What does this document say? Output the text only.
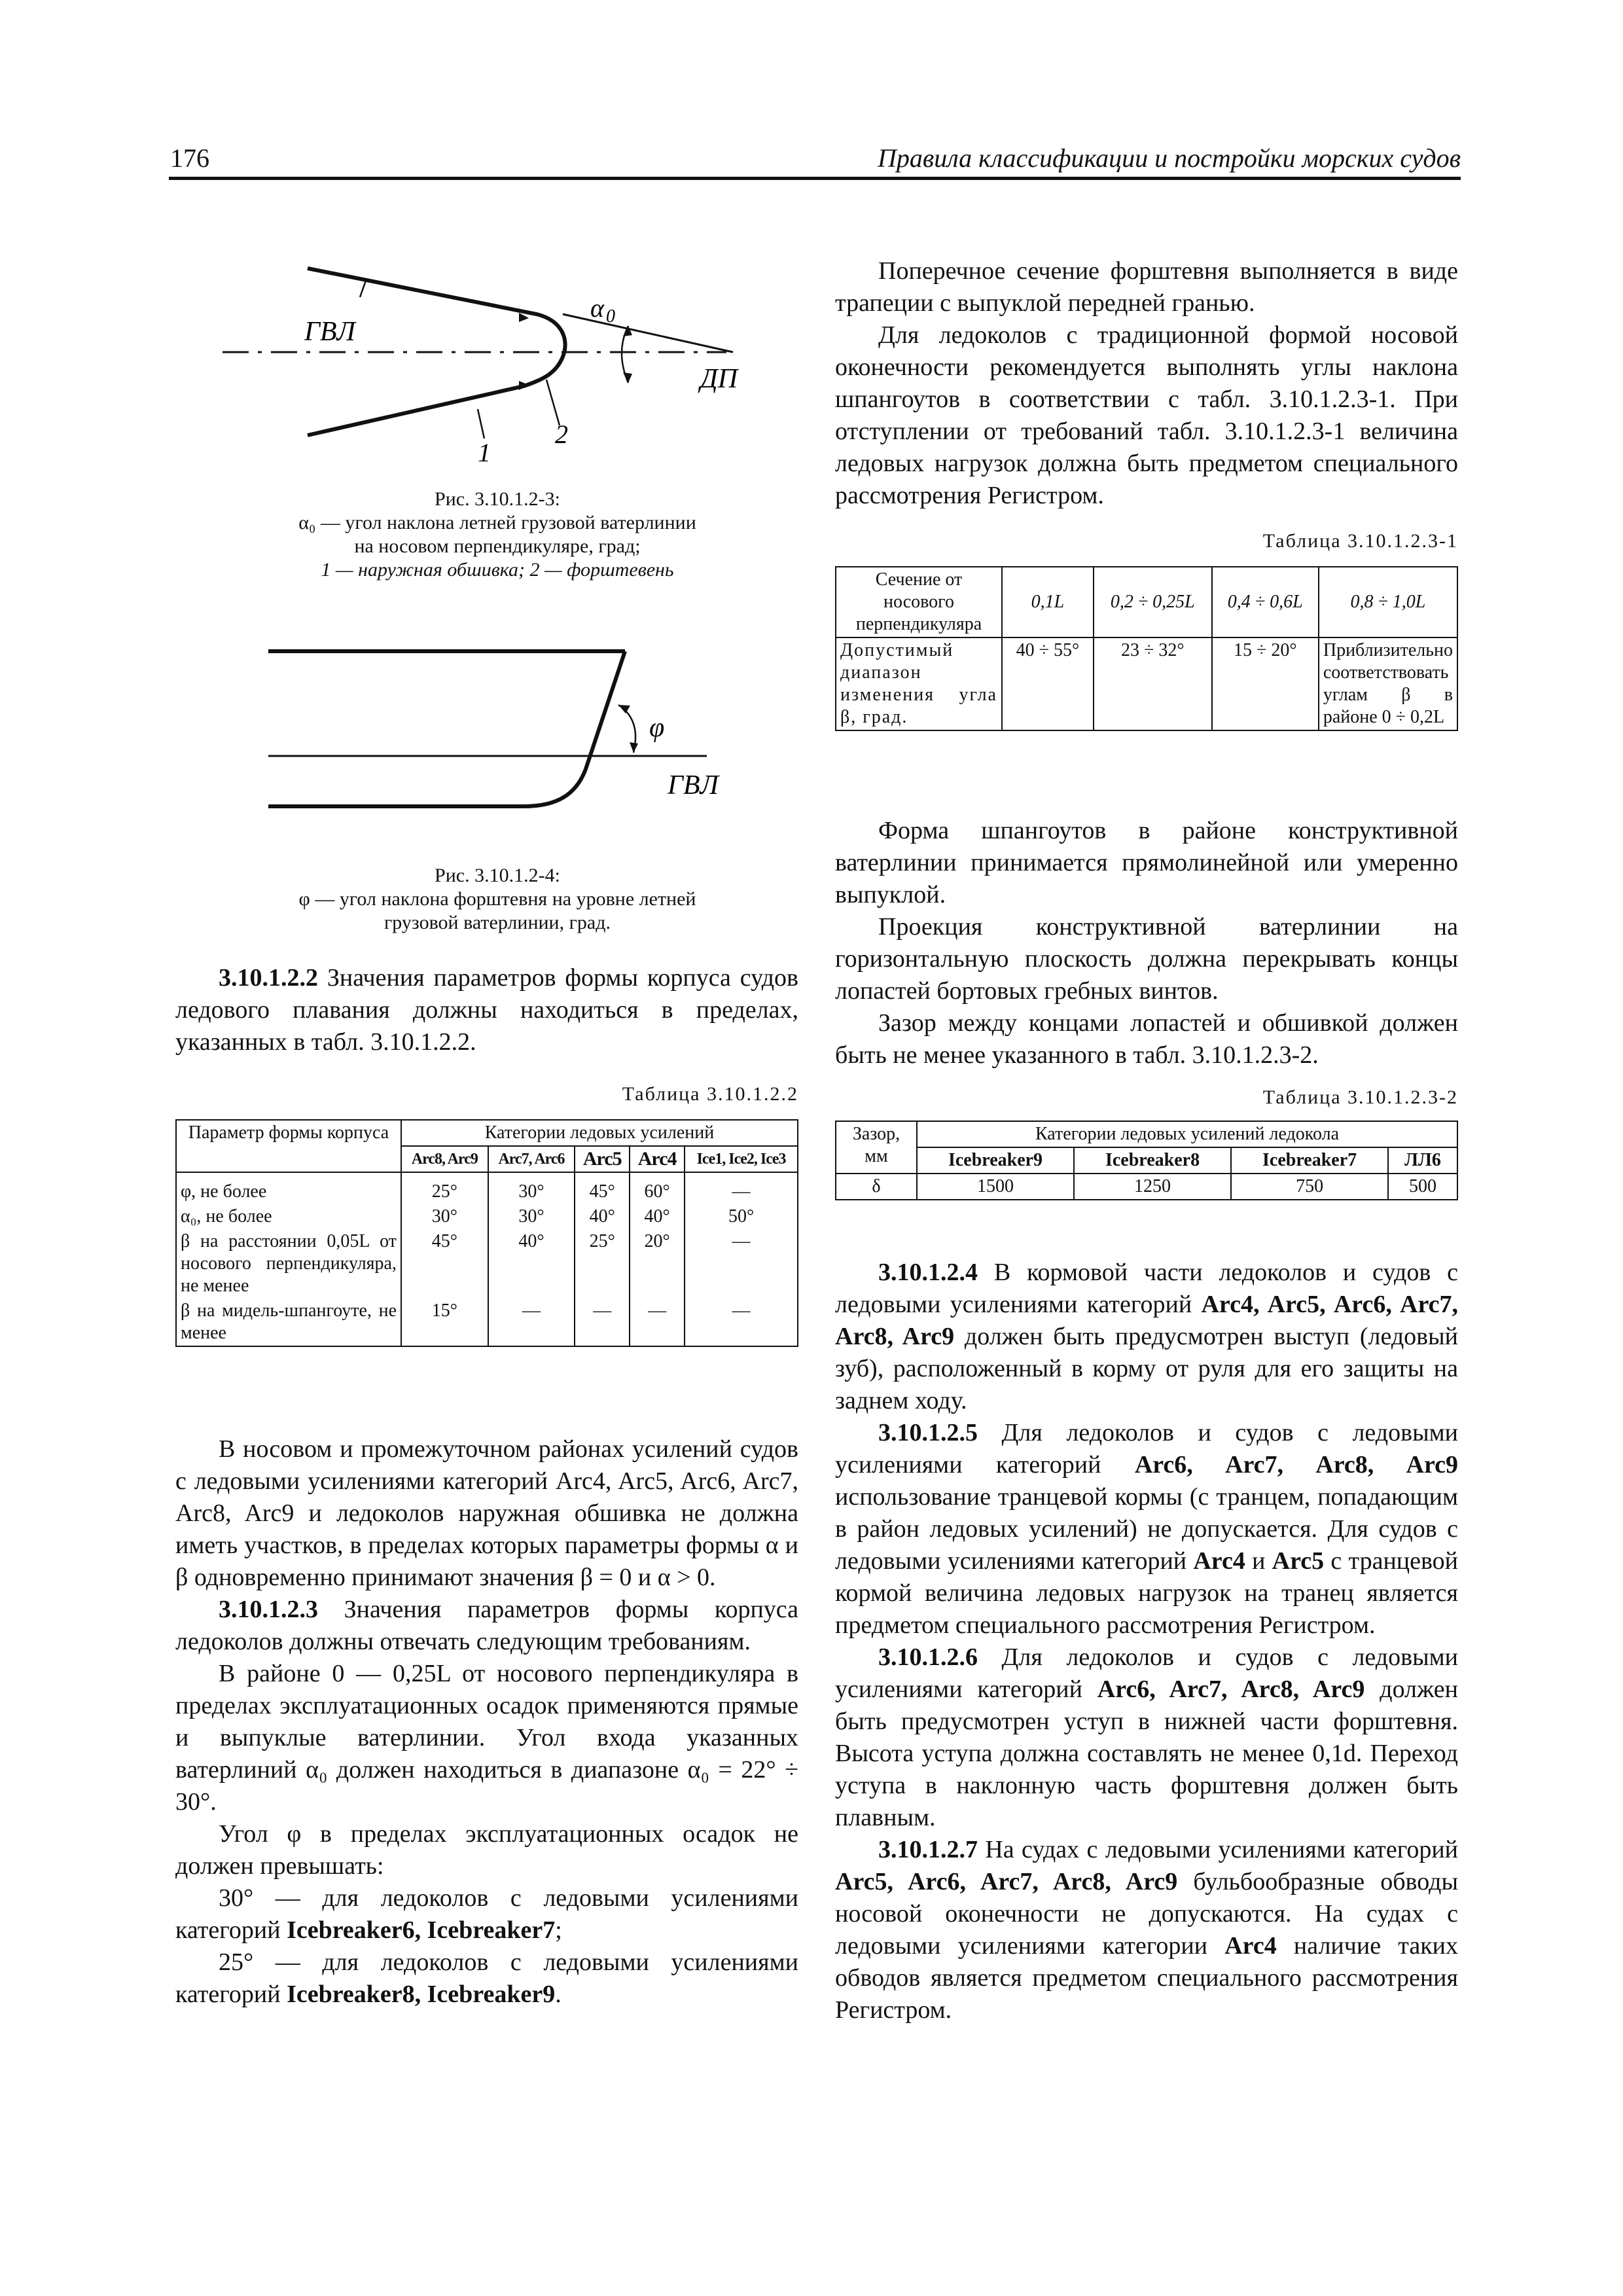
176	Правила классификации и постройки морских судов
ГВЛ
ДП
α 0
2
1
Рис. 3.10.1.2-3:
α₀ — угол наклона летней грузовой ватерлинии
на носовом перпендикуляре, град;
1 — наружная обшивка; 2 — форштевень
φ
ГВЛ
Рис. 3.10.1.2-4:
φ — угол наклона форштевня на уровне летней
грузовой ватерлинии, град.

3.10.1.2.2 Значения параметров формы корпуса судов ледового плавания должны находиться в пределах, указанных в табл. 3.10.1.2.2.

Таблица 3.10.1.2.2
Параметр формы корпуса	Категории ледовых усилений				
	Arc8, Arc9	Arc7, Arc6	Arc5	Arc4	Ice1, Ice2, Ice3
φ, не более	25°	30°	45°	60°	—
α₀, не более	30°	30°	40°	40°	50°
β на расстоянии 0,05L от носового перпендикуляра, не менее	45°	40°	25°	20°	—
β на мидель-шпангоуте, не менее	15°	—	—	—	—

В носовом и промежуточном районах усилений судов с ледовыми усилениями категорий Arc4, Arc5, Arc6, Arc7, Arc8, Arc9 и ледоколов наружная обшивка не должна иметь участков, в пределах которых параметры формы α и β одновременно принимают значения β = 0 и α > 0.

3.10.1.2.3 Значения параметров формы корпуса ледоколов должны отвечать следующим требованиям.

В районе 0 — 0,25L от носового перпендикуляра в пределах эксплуатационных осадок применяются прямые и выпуклые ватерлинии. Угол входа указанных ватерлиний α₀ должен находиться в диапазоне α₀ = 22° ÷ 30°.

Угол φ в пределах эксплуатационных осадок не должен превышать:

30° — для ледоколов с ледовыми усилениями категорий Icebreaker6, Icebreaker7;

25° — для ледоколов с ледовыми усилениями категорий Icebreaker8, Icebreaker9.

Поперечное сечение форштевня выполняется в виде трапеции с выпуклой передней гранью.

Для ледоколов с традиционной формой носовой оконечности рекомендуется выполнять углы наклона шпангоутов в соответствии с табл. 3.10.1.2.3-1. При отступлении от требований табл. 3.10.1.2.3-1 величина ледовых нагрузок должна быть предметом специального рассмотрения Регистром.

Таблица 3.10.1.2.3-1
Сечение от носового перпендикуляра	0,1L	0,2 ÷ 0,25L	0,4 ÷ 0,6L	0,8 ÷ 1,0L
Допустимый диапазон изменения угла β, град.	40 ÷ 55°	23 ÷ 32°	15 ÷ 20°	Приблизительно соответствовать углам β в районе 0 ÷ 0,2L

Форма шпангоутов в районе конструктивной ватерлинии принимается прямолинейной или умеренно выпуклой.

Проекция конструктивной ватерлинии на горизонтальную плоскость должна перекрывать концы лопастей бортовых гребных винтов.

Зазор между концами лопастей и обшивкой должен быть не менее указанного в табл. 3.10.1.2.3-2.

Таблица 3.10.1.2.3-2
Зазор, мм	Категории ледовых усилений ледокола			
	Icebreaker9	Icebreaker8	Icebreaker7	ЛЛ6
δ	1500	1250	750	500

3.10.1.2.4 В кормовой части ледоколов и судов с ледовыми усилениями категорий Arc4, Arc5, Arc6, Arc7, Arc8, Arc9 должен быть предусмотрен выступ (ледовый зуб), расположенный в корму от руля для его защиты на заднем ходу.

3.10.1.2.5 Для ледоколов и судов с ледовыми усилениями категорий Arc6, Arc7, Arc8, Arc9 использование транцевой кормы (с транцем, попадающим в район ледовых усилений) не допускается. Для судов с ледовыми усилениями категорий Arc4 и Arc5 с транцевой кормой величина ледовых нагрузок на транец является предметом специального рассмотрения Регистром.

3.10.1.2.6 Для ледоколов и судов с ледовыми усилениями категорий Arc6, Arc7, Arc8, Arc9 должен быть предусмотрен уступ в нижней части форштевня. Высота уступа должна составлять не менее 0,1d. Переход уступа в наклонную часть форштевня должен быть плавным.

3.10.1.2.7 На судах с ледовыми усилениями категорий Arc5, Arc6, Arc7, Arc8, Arc9 бульбообразные обводы носовой оконечности не допускаются. На судах с ледовыми усилениями категории Arc4 наличие таких обводов является предметом специального рассмотрения Регистром.
